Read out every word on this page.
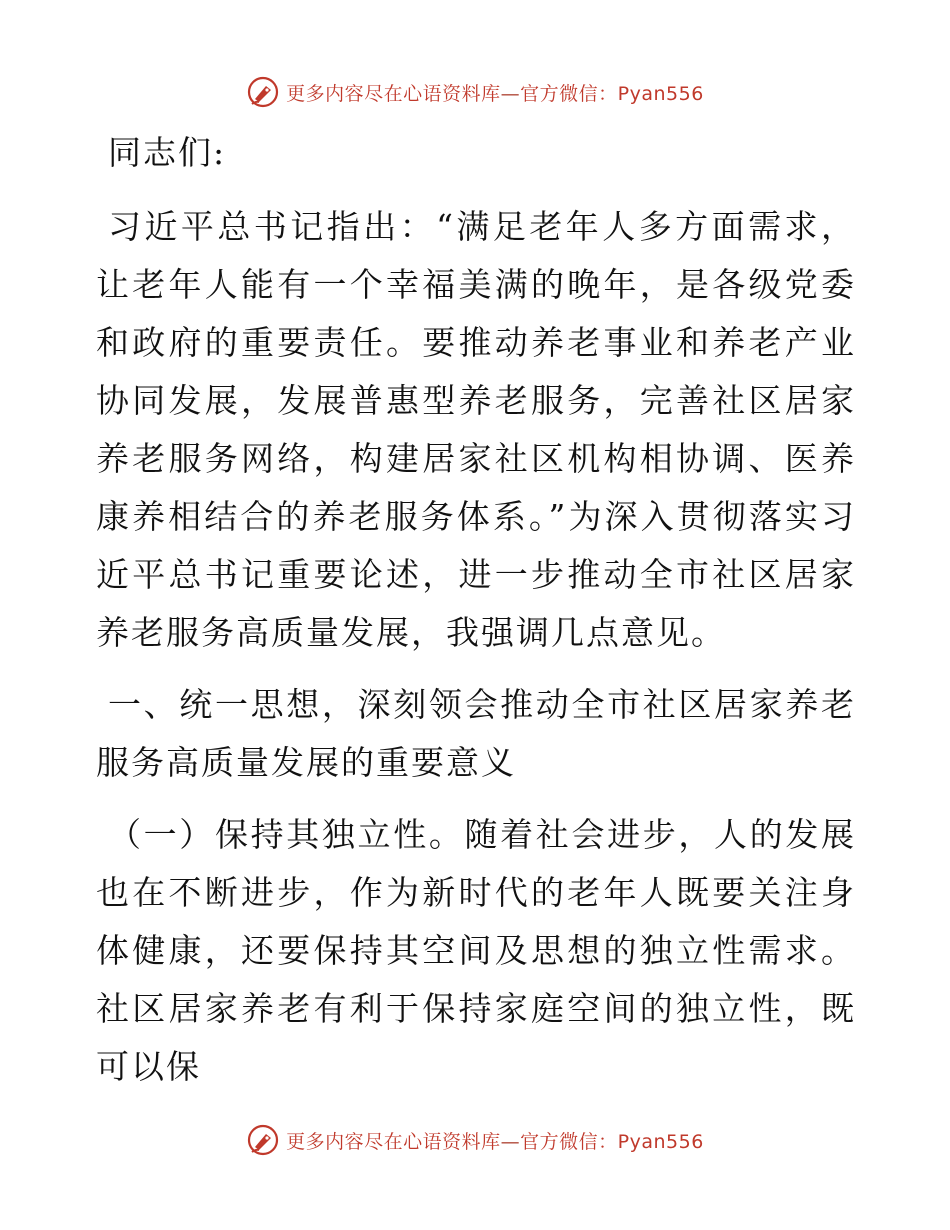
更多内容尽在心语资料库—官方微信：Pyan556

同志们:

习近平总书记指出：“满足老年人多方面需求，让老年人能有一个幸福美满的晚年，是各级党委和政府的重要责任。要推动养老事业和养老产业协同发展，发展普惠型养老服务，完善社区居家养老服务网络，构建居家社区机构相协调、医养康养相结合的养老服务体系。”为深入贯彻落实习近平总书记重要论述，进一步推动全市社区居家养老服务高质量发展，我强调几点意见。

一、统一思想，深刻领会推动全市社区居家养老服务高质量发展的重要意义

（一）保持其独立性。随着社会进步，人的发展也在不断进步，作为新时代的老年人既要关注身体健康，还要保持其空间及思想的独立性需求。社区居家养老有利于保持家庭空间的独立性，既可以保

更多内容尽在心语资料库—官方微信：Pyan556
